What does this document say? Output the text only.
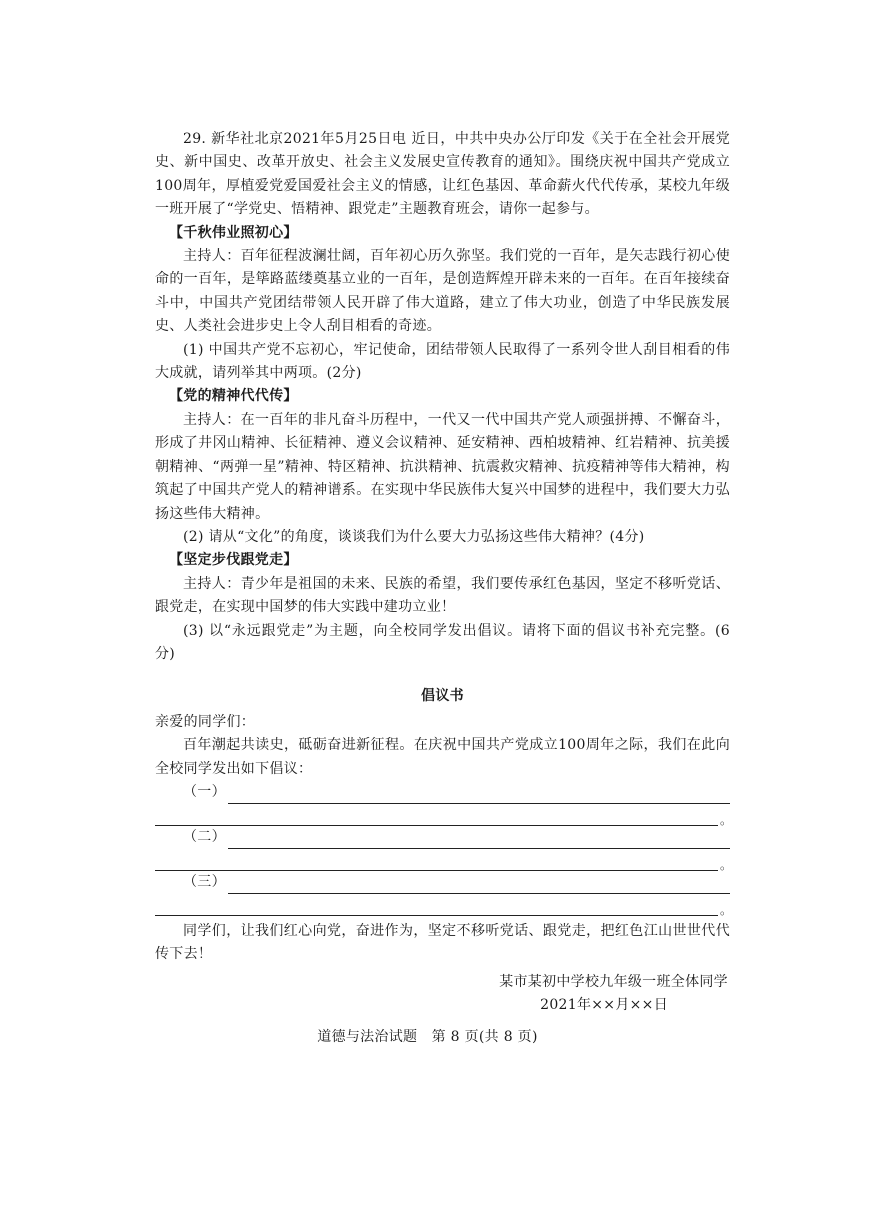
29. 新华社北京2021年5月25日电 近日，中共中央办公厅印发《关于在全社会开展党史、新中国史、改革开放史、社会主义发展史宣传教育的通知》。围绕庆祝中国共产党成立100周年，厚植爱党爱国爱社会主义的情感，让红色基因、革命薪火代代传承，某校九年级一班开展了“学党史、悟精神、跟党走”主题教育班会，请你一起参与。

【千秋伟业照初心】

主持人：百年征程波澜壮阔，百年初心历久弥坚。我们党的一百年，是矢志践行初心使命的一百年，是筚路蓝缕奠基立业的一百年，是创造辉煌开辟未来的一百年。在百年接续奋斗中，中国共产党团结带领人民开辟了伟大道路，建立了伟大功业，创造了中华民族发展史、人类社会进步史上令人刮目相看的奇迹。

(1) 中国共产党不忘初心，牢记使命，团结带领人民取得了一系列令世人刮目相看的伟大成就，请列举其中两项。(2分)

【党的精神代代传】

主持人：在一百年的非凡奋斗历程中，一代又一代中国共产党人顽强拼搏、不懈奋斗，形成了井冈山精神、长征精神、遵义会议精神、延安精神、西柏坡精神、红岩精神、抗美援朝精神、“两弹一星”精神、特区精神、抗洪精神、抗震救灾精神、抗疫精神等伟大精神，构筑起了中国共产党人的精神谱系。在实现中华民族伟大复兴中国梦的进程中，我们要大力弘扬这些伟大精神。

(2) 请从“文化”的角度，谈谈我们为什么要大力弘扬这些伟大精神？(4分)

【坚定步伐跟党走】

主持人：青少年是祖国的未来、民族的希望，我们要传承红色基因，坚定不移听党话、跟党走，在实现中国梦的伟大实践中建功立业！

(3) 以“永远跟党走”为主题，向全校同学发出倡议。请将下面的倡议书补充完整。(6分)

倡议书

亲爱的同学们：

百年潮起共读史，砥砺奋进新征程。在庆祝中国共产党成立100周年之际，我们在此向全校同学发出如下倡议：

（一）
。
（二）
。
（三）
。

同学们，让我们红心向党，奋进作为，坚定不移听党话、跟党走，把红色江山世世代代传下去！

某市某初中学校九年级一班全体同学

2021年××月××日

道德与法治试题 第 8 页(共 8 页)
